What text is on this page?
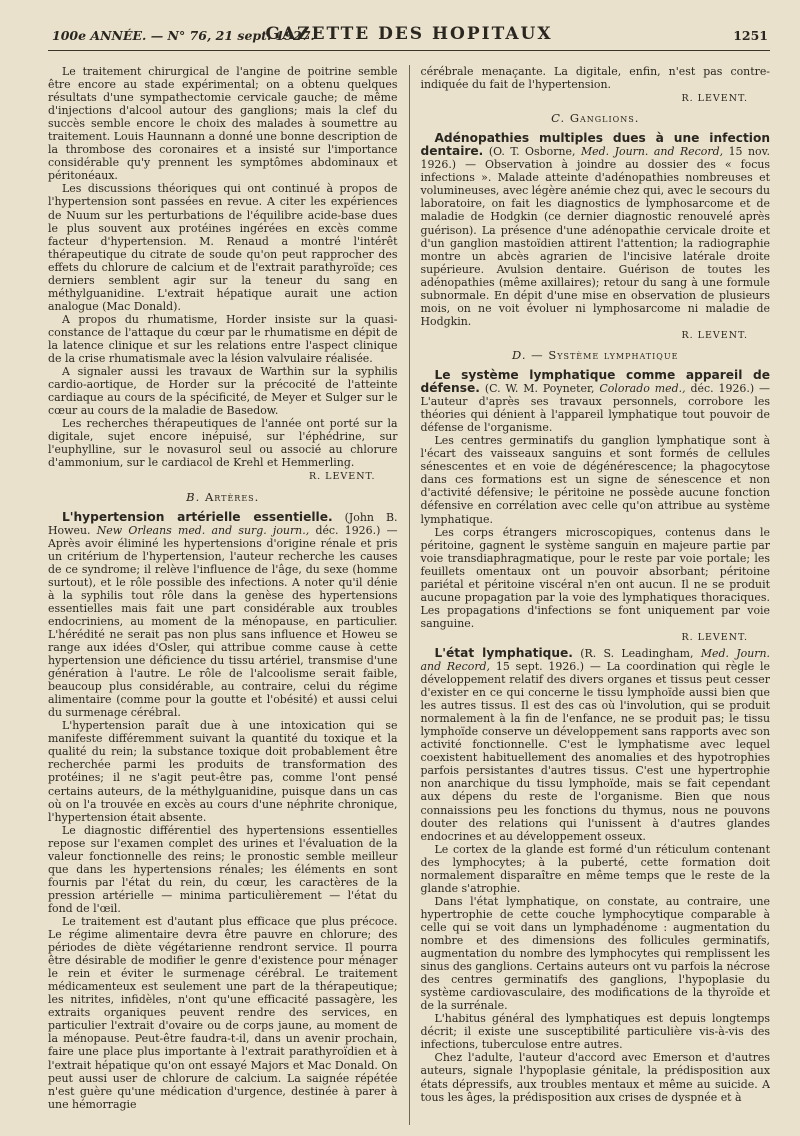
100e ANNÉE. — N° 76, 21 sept. 1927.
GAZETTE DES HOPITAUX	1251

Le traitement chirurgical de l'angine de poitrine semble être encore au stade expérimental; on a obtenu quelques résultats d'une sympathectomie cervicale gauche; de même d'injections d'alcool autour des ganglions; mais la clef du succès semble encore le choix des malades à soumettre au traitement. Louis Haunnann a donné une bonne description de la thrombose des coronaires et a insisté sur l'importance considérable qu'y prennent les symptômes abdominaux et péritonéaux.

Les discussions théoriques qui ont continué à propos de l'hypertension sont passées en revue. A citer les expériences de Nuum sur les perturbations de l'équilibre acide-base dues le plus souvent aux protéines ingérées en excès comme facteur d'hypertension. M. Renaud a montré l'intérêt thérapeutique du citrate de soude qu'on peut rapprocher des effets du chlorure de calcium et de l'extrait parathyroïde; ces derniers semblent agir sur la teneur du sang en méthylguanidine. L'extrait hépatique aurait une action analogue (Mac Donald).

A propos du rhumatisme, Horder insiste sur la quasi-constance de l'attaque du cœur par le rhumatisme en dépit de la latence clinique et sur les relations entre l'aspect clinique de la crise rhumatismale avec la lésion valvulaire réalisée.

A signaler aussi les travaux de Warthin sur la syphilis cardio-aortique, de Horder sur la précocité de l'atteinte cardiaque au cours de la spécificité, de Meyer et Sulger sur le cœur au cours de la maladie de Basedow.

Les recherches thérapeutiques de l'année ont porté sur la digitale, sujet encore inépuisé, sur l'éphédrine, sur l'euphylline, sur le novasurol seul ou associé au chlorure d'ammonium, sur le cardiacol de Krehl et Hemmerling.

R. LEVENT.
B. Artères.

L'hypertension artérielle essentielle. (John B. Howeu. New Orleans med. and surg. journ., déc. 1926.) — Après avoir éliminé les hypertensions d'origine rénale et pris un critérium de l'hypertension, l'auteur recherche les causes de ce syndrome; il relève l'influence de l'âge, du sexe (homme surtout), et le rôle possible des infections. A noter qu'il dénie à la syphilis tout rôle dans la genèse des hypertensions essentielles mais fait une part considérable aux troubles endocriniens, au moment de la ménopause, en particulier. L'hérédité ne serait pas non plus sans influence et Howeu se range aux idées d'Osler, qui attribue comme cause à cette hypertension une déficience du tissu artériel, transmise d'une génération à l'autre. Le rôle de l'alcoolisme serait faible, beaucoup plus considérable, au contraire, celui du régime alimentaire (comme pour la goutte et l'obésité) et aussi celui du surmenage cérébral.

L'hypertension paraît due à une intoxication qui se manifeste différemment suivant la quantité du toxique et la qualité du rein; la substance toxique doit probablement être recherchée parmi les produits de transformation des protéines; il ne s'agit peut-être pas, comme l'ont pensé certains auteurs, de la méthylguanidine, puisque dans un cas où on l'a trouvée en excès au cours d'une néphrite chronique, l'hypertension était absente.

Le diagnostic différentiel des hypertensions essentielles repose sur l'examen complet des urines et l'évaluation de la valeur fonctionnelle des reins; le pronostic semble meilleur que dans les hypertensions rénales; les éléments en sont fournis par l'état du rein, du cœur, les caractères de la pression artérielle — minima particulièrement — l'état du fond de l'œil.

Le traitement est d'autant plus efficace que plus précoce. Le régime alimentaire devra être pauvre en chlorure; des périodes de diète végétarienne rendront service. Il pourra être désirable de modifier le genre d'existence pour ménager le rein et éviter le surmenage cérébral. Le traitement médicamenteux est seulement une part de la thérapeutique; les nitrites, infidèles, n'ont qu'une efficacité passagère, les extraits organiques peuvent rendre des services, en particulier l'extrait d'ovaire ou de corps jaune, au moment de la ménopause. Peut-être faudra-t-il, dans un avenir prochain, faire une place plus importante à l'extrait parathyroïdien et à l'extrait hépatique qu'on ont essayé Majors et Mac Donald. On peut aussi user de chlorure de calcium. La saignée répétée n'est guère qu'une médication d'urgence, destinée à parer à une hémorragie

cérébrale menaçante. La digitale, enfin, n'est pas contre-indiquée du fait de l'hypertension.

R. LEVENT.
C. Ganglions.

Adénopathies multiples dues à une infection dentaire. (O. T. Osborne, Med. Journ. and Record, 15 nov. 1926.) — Observation à joindre au dossier des « focus infections ». Malade atteinte d'adénopathies nombreuses et volumineuses, avec légère anémie chez qui, avec le secours du laboratoire, on fait les diagnostics de lymphosarcome et de maladie de Hodgkin (ce dernier diagnostic renouvelé après guérison). La présence d'une adénopathie cervicale droite et d'un ganglion mastoïdien attirent l'attention; la radiographie montre un abcès agrarien de l'incisive latérale droite supérieure. Avulsion dentaire. Guérison de toutes les adénopathies (même axillaires); retour du sang à une formule subnormale. En dépit d'une mise en observation de plusieurs mois, on ne voit évoluer ni lymphosarcome ni maladie de Hodgkin.

R. LEVENT.
D. — Système lymphatique

Le système lymphatique comme appareil de défense. (C. W. M. Poyneter, Colorado med., déc. 1926.) — L'auteur d'après ses travaux personnels, corrobore les théories qui dénient à l'appareil lymphatique tout pouvoir de défense de l'organisme.

Les centres germinatifs du ganglion lymphatique sont à l'écart des vaisseaux sanguins et sont formés de cellules sénescentes et en voie de dégénérescence; la phagocytose dans ces formations est un signe de sénescence et non d'activité défensive; le péritoine ne possède aucune fonction défensive en corrélation avec celle qu'on attribue au système lymphatique.

Les corps étrangers microscopiques, contenus dans le péritoine, gagnent le système sanguin en majeure partie par voie transdiaphragmatique, pour le reste par voie portale; les feuillets omentaux ont un pouvoir absorbant; péritoine pariétal et péritoine viscéral n'en ont aucun. Il ne se produit aucune propagation par la voie des lymphatiques thoraciques. Les propagations d'infections se font uniquement par voie sanguine.

R. LEVENT.

L'état lymphatique. (R. S. Leadingham, Med. Journ. and Record, 15 sept. 1926.) — La coordination qui règle le développement relatif des divers organes et tissus peut cesser d'exister en ce qui concerne le tissu lymphoïde aussi bien que les autres tissus. Il est des cas où l'involution, qui se produit normalement à la fin de l'enfance, ne se produit pas; le tissu lymphoïde conserve un développement sans rapports avec son activité fonctionnelle. C'est le lymphatisme avec lequel coexistent habituellement des anomalies et des hypotrophies parfois persistantes d'autres tissus. C'est une hypertrophie non anarchique du tissu lymphoïde, mais se fait cependant aux dépens du reste de l'organisme. Bien que nous connaissions peu les fonctions du thymus, nous ne pouvons douter des relations qui l'unissent à d'autres glandes endocrines et au développement osseux.

Le cortex de la glande est formé d'un réticulum contenant des lymphocytes; à la puberté, cette formation doit normalement disparaître en même temps que le reste de la glande s'atrophie.

Dans l'état lymphatique, on constate, au contraire, une hypertrophie de cette couche lymphocytique comparable à celle qui se voit dans un lymphadénome : augmentation du nombre et des dimensions des follicules germinatifs, augmentation du nombre des lymphocytes qui remplissent les sinus des ganglions. Certains auteurs ont vu parfois la nécrose des centres germinatifs des ganglions, l'hypoplasie du système cardiovasculaire, des modifications de la thyroïde et de la surrénale.

L'habitus général des lymphatiques est depuis longtemps décrit; il existe une susceptibilité particulière vis-à-vis des infections, tuberculose entre autres.

Chez l'adulte, l'auteur d'accord avec Emerson et d'autres auteurs, signale l'hypoplasie génitale, la prédisposition aux états dépressifs, aux troubles mentaux et même au suicide. A tous les âges, la prédisposition aux crises de dyspnée et à
